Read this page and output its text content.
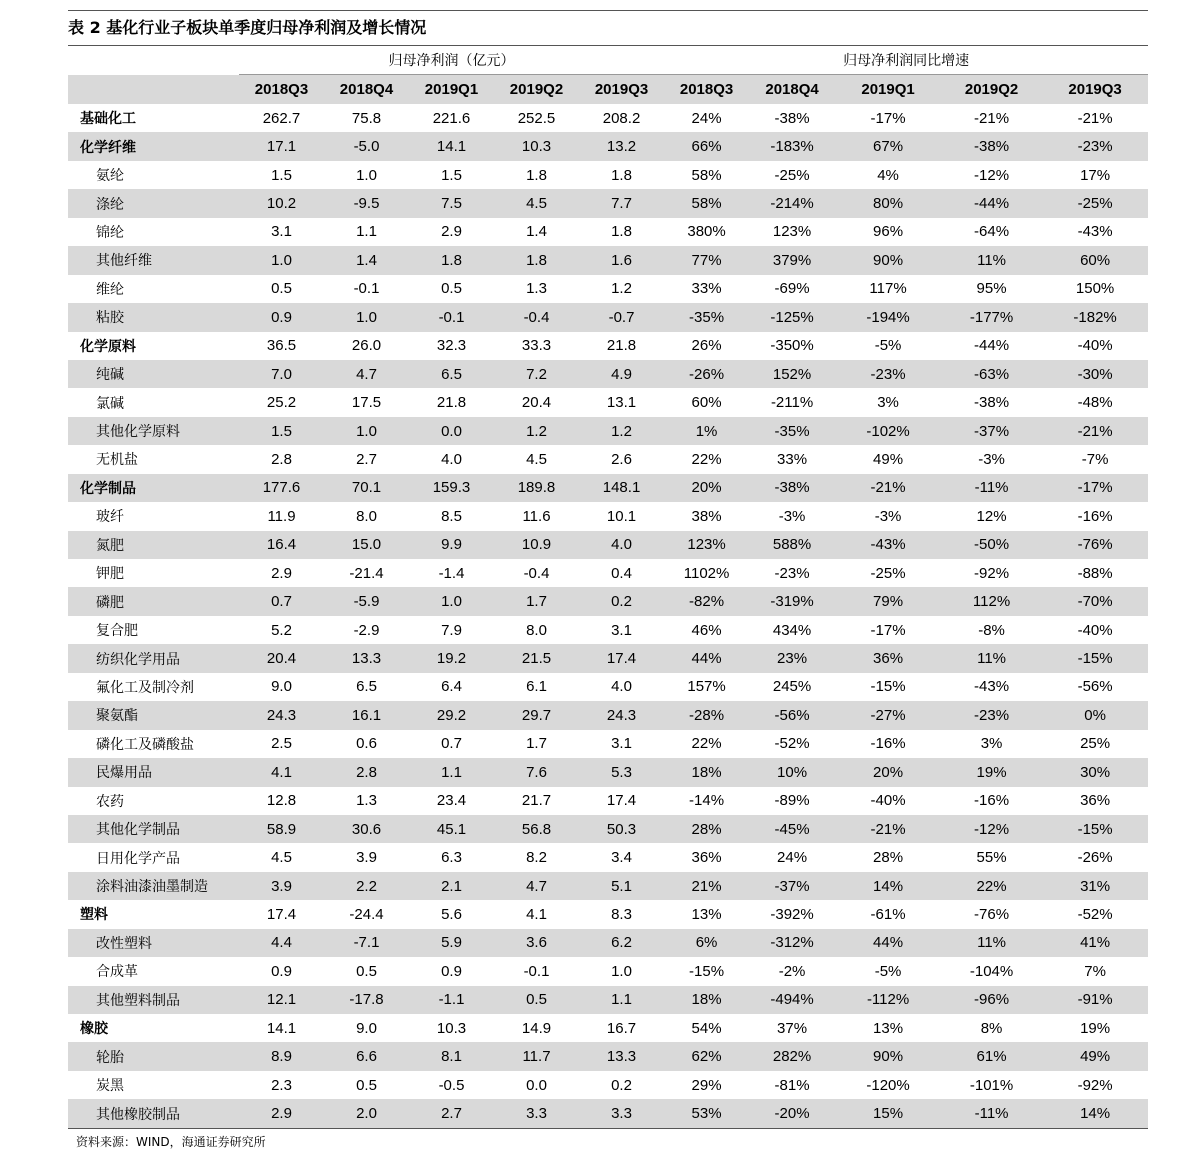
表 2 基化行业子板块单季度归母净利润及增长情况
	归母净利润（亿元）					归母净利润同比增速				
	2018Q3	2018Q4	2019Q1	2019Q2	2019Q3	2018Q3	2018Q4	2019Q1	2019Q2	2019Q3
基础化工	262.7	75.8	221.6	252.5	208.2	24%	-38%	-17%	-21%	-21%
化学纤维	17.1	-5.0	14.1	10.3	13.2	66%	-183%	67%	-38%	-23%
氨纶	1.5	1.0	1.5	1.8	1.8	58%	-25%	4%	-12%	17%
涤纶	10.2	-9.5	7.5	4.5	7.7	58%	-214%	80%	-44%	-25%
锦纶	3.1	1.1	2.9	1.4	1.8	380%	123%	96%	-64%	-43%
其他纤维	1.0	1.4	1.8	1.8	1.6	77%	379%	90%	11%	60%
维纶	0.5	-0.1	0.5	1.3	1.2	33%	-69%	117%	95%	150%
粘胶	0.9	1.0	-0.1	-0.4	-0.7	-35%	-125%	-194%	-177%	-182%
化学原料	36.5	26.0	32.3	33.3	21.8	26%	-350%	-5%	-44%	-40%
纯碱	7.0	4.7	6.5	7.2	4.9	-26%	152%	-23%	-63%	-30%
氯碱	25.2	17.5	21.8	20.4	13.1	60%	-211%	3%	-38%	-48%
其他化学原料	1.5	1.0	0.0	1.2	1.2	1%	-35%	-102%	-37%	-21%
无机盐	2.8	2.7	4.0	4.5	2.6	22%	33%	49%	-3%	-7%
化学制品	177.6	70.1	159.3	189.8	148.1	20%	-38%	-21%	-11%	-17%
玻纤	11.9	8.0	8.5	11.6	10.1	38%	-3%	-3%	12%	-16%
氮肥	16.4	15.0	9.9	10.9	4.0	123%	588%	-43%	-50%	-76%
钾肥	2.9	-21.4	-1.4	-0.4	0.4	1102%	-23%	-25%	-92%	-88%
磷肥	0.7	-5.9	1.0	1.7	0.2	-82%	-319%	79%	112%	-70%
复合肥	5.2	-2.9	7.9	8.0	3.1	46%	434%	-17%	-8%	-40%
纺织化学用品	20.4	13.3	19.2	21.5	17.4	44%	23%	36%	11%	-15%
氟化工及制冷剂	9.0	6.5	6.4	6.1	4.0	157%	245%	-15%	-43%	-56%
聚氨酯	24.3	16.1	29.2	29.7	24.3	-28%	-56%	-27%	-23%	0%
磷化工及磷酸盐	2.5	0.6	0.7	1.7	3.1	22%	-52%	-16%	3%	25%
民爆用品	4.1	2.8	1.1	7.6	5.3	18%	10%	20%	19%	30%
农药	12.8	1.3	23.4	21.7	17.4	-14%	-89%	-40%	-16%	36%
其他化学制品	58.9	30.6	45.1	56.8	50.3	28%	-45%	-21%	-12%	-15%
日用化学产品	4.5	3.9	6.3	8.2	3.4	36%	24%	28%	55%	-26%
涂料油漆油墨制造	3.9	2.2	2.1	4.7	5.1	21%	-37%	14%	22%	31%
塑料	17.4	-24.4	5.6	4.1	8.3	13%	-392%	-61%	-76%	-52%
改性塑料	4.4	-7.1	5.9	3.6	6.2	6%	-312%	44%	11%	41%
合成革	0.9	0.5	0.9	-0.1	1.0	-15%	-2%	-5%	-104%	7%
其他塑料制品	12.1	-17.8	-1.1	0.5	1.1	18%	-494%	-112%	-96%	-91%
橡胶	14.1	9.0	10.3	14.9	16.7	54%	37%	13%	8%	19%
轮胎	8.9	6.6	8.1	11.7	13.3	62%	282%	90%	61%	49%
炭黑	2.3	0.5	-0.5	0.0	0.2	29%	-81%	-120%	-101%	-92%
其他橡胶制品	2.9	2.0	2.7	3.3	3.3	53%	-20%	15%	-11%	14%
资料来源：WIND，海通证券研究所
